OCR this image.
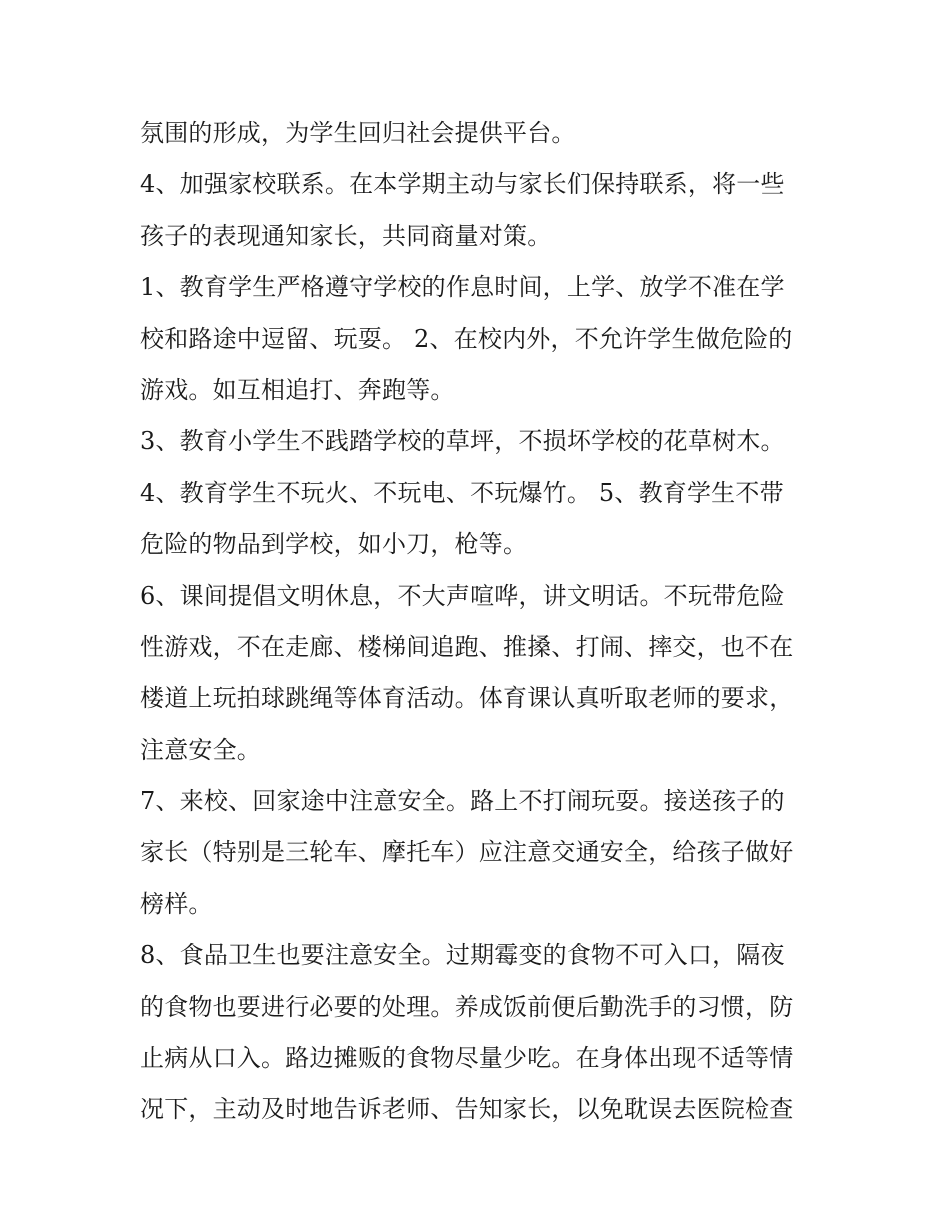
氛围的形成，为学生回归社会提供平台。
4、加强家校联系。在本学期主动与家长们保持联系，将一些
孩子的表现通知家长，共同商量对策。
1、教育学生严格遵守学校的作息时间，上学、放学不准在学
校和路途中逗留、玩耍。 2、在校内外，不允许学生做危险的
游戏。如互相追打、奔跑等。
3、教育小学生不践踏学校的草坪，不损坏学校的花草树木。
4、教育学生不玩火、不玩电、不玩爆竹。 5、教育学生不带
危险的物品到学校，如小刀，枪等。
6、课间提倡文明休息，不大声喧哗，讲文明话。不玩带危险
性游戏，不在走廊、楼梯间追跑、推搡、打闹、摔交，也不在
楼道上玩拍球跳绳等体育活动。体育课认真听取老师的要求，
注意安全。
7、来校、回家途中注意安全。路上不打闹玩耍。接送孩子的
家长（特别是三轮车、摩托车）应注意交通安全，给孩子做好
榜样。
8、食品卫生也要注意安全。过期霉变的食物不可入口，隔夜
的食物也要进行必要的处理。养成饭前便后勤洗手的习惯，防
止病从口入。路边摊贩的食物尽量少吃。在身体出现不适等情
况下，主动及时地告诉老师、告知家长，以免耽误去医院检查
